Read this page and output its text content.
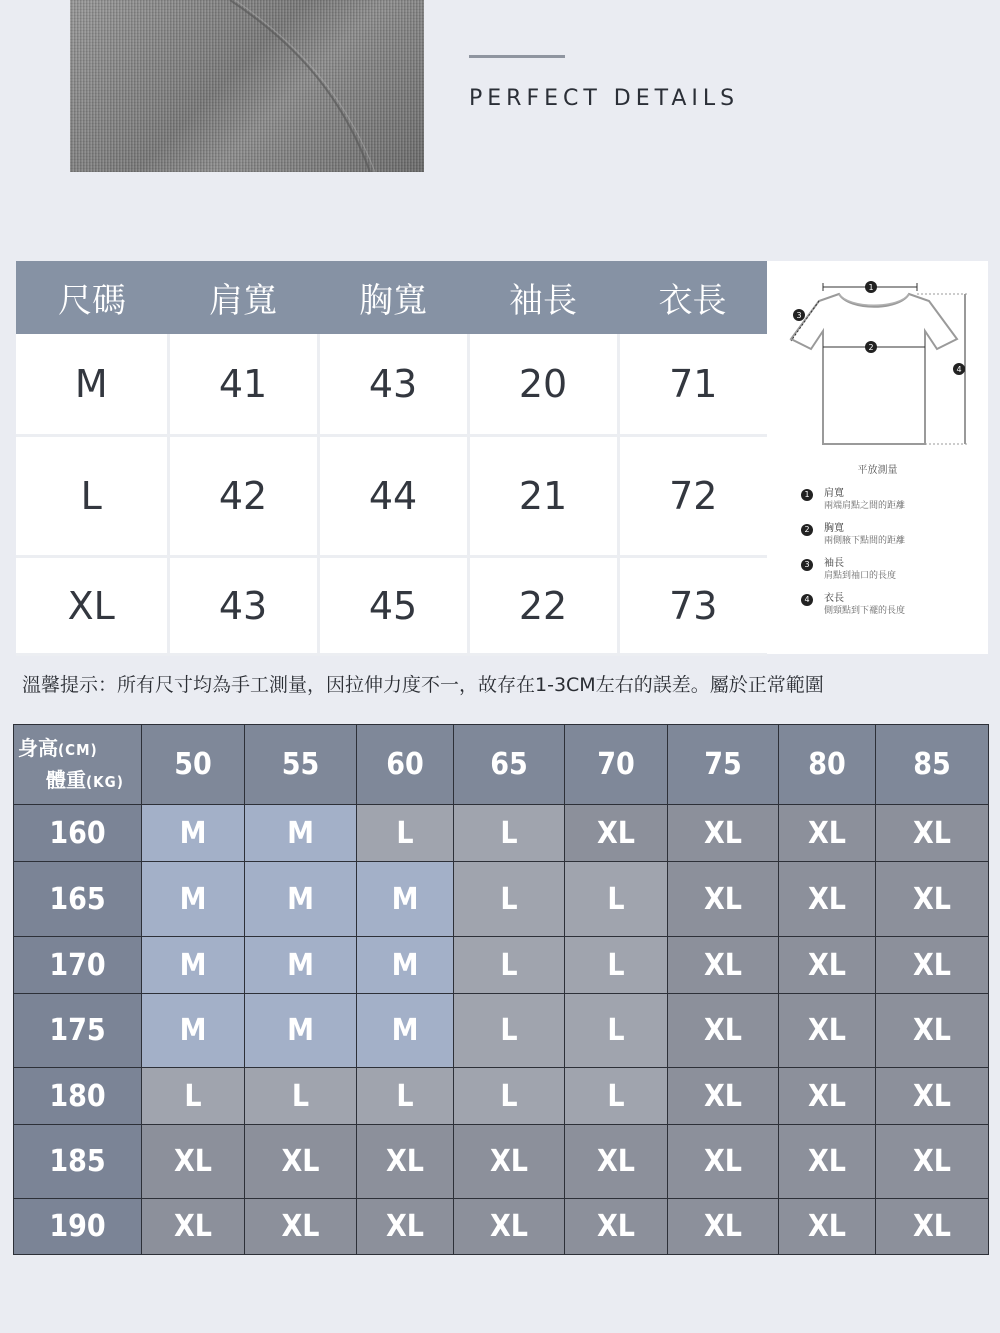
PERFECT DETAILS
尺碼	肩寬	胸寬	袖長	衣長
M	41	43	20	71
L	42	44	21	72
XL	43	45	22	73
1
2
3
4
平放測量
1	肩寬
兩端肩點之間的距離
2	胸寬
兩側腋下點間的距離
3	袖長
肩點到袖口的長度
4	衣長
側頸點到下襬的長度
溫馨提示：所有尺寸均為手工測量，因拉伸力度不一，故存在1-3CM左右的誤差。屬於正常範圍
身高(CM)
體重(KG)	50	55	60	65	70	75	80	85
160	M	M	L	L	XL	XL	XL	XL
165	M	M	M	L	L	XL	XL	XL
170	M	M	M	L	L	XL	XL	XL
175	M	M	M	L	L	XL	XL	XL
180	L	L	L	L	L	XL	XL	XL
185	XL	XL	XL	XL	XL	XL	XL	XL
190	XL	XL	XL	XL	XL	XL	XL	XL
